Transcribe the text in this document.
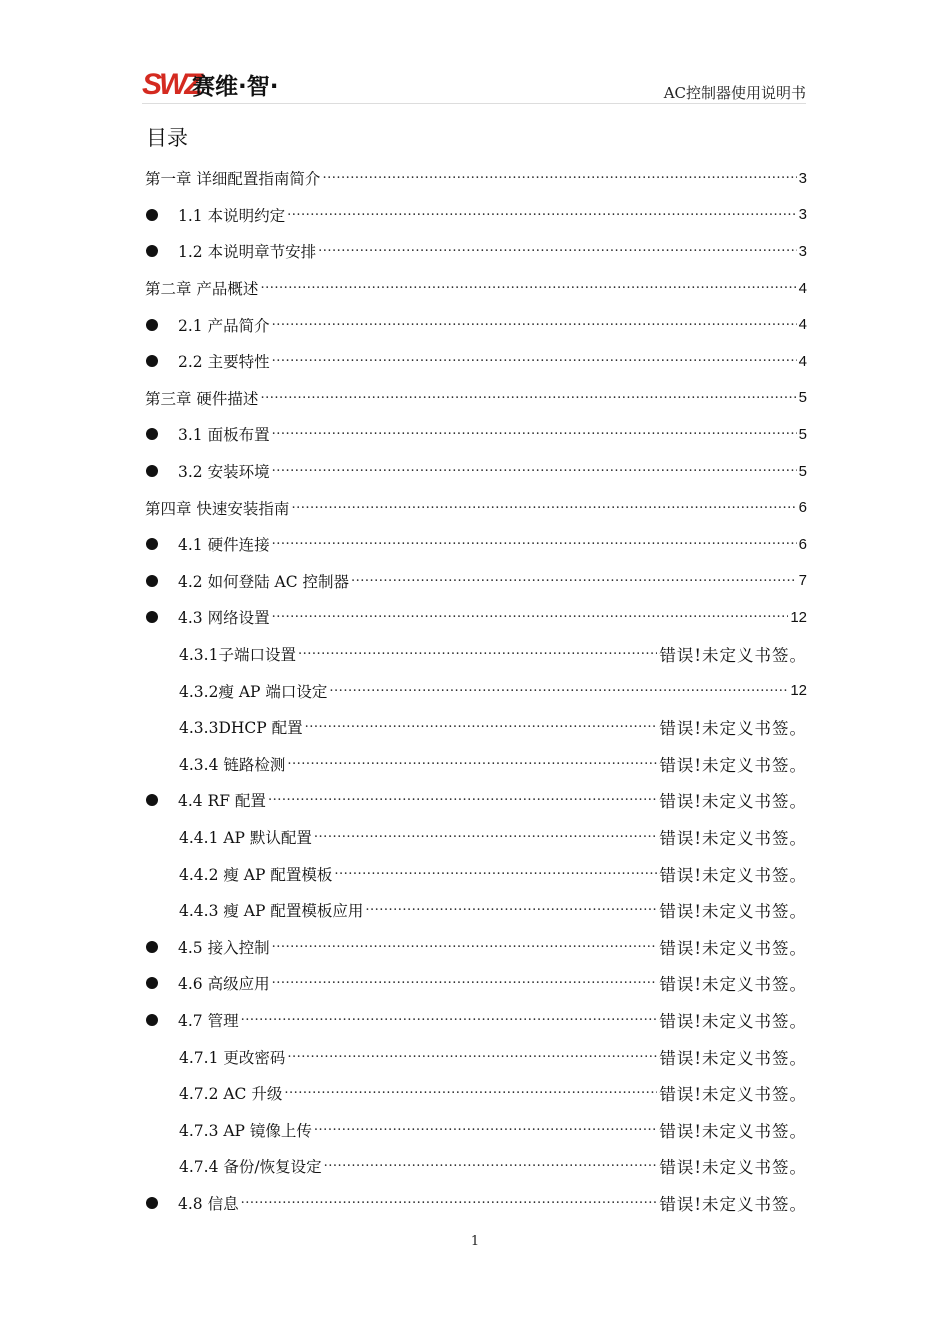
SWZ
赛维·智·	AC控制器使用说明书
目录
第一章 详细配置指南简介 .....	3
1.1 本说明约定 .....	3
1.2 本说明章节安排 .....	3
第二章 产品概述 .....	4
2.1 产品简介 .....	4
2.2 主要特性 .....	4
第三章 硬件描述 .....	5
3.1 面板布置 .....	5
3.2 安装环境 .....	5
第四章 快速安装指南 .....	6
4.1 硬件连接 .....	6
4.2 如何登陆 AC 控制器 .....	7
4.3 网络设置 .....	12
4.3.1子端口设置 .....	错误!未定义书签。
4.3.2瘦 AP 端口设定 .....	12
4.3.3DHCP 配置 .....	错误!未定义书签。
4.3.4 链路检测 .....	错误!未定义书签。
4.4 RF 配置 .....	错误!未定义书签。
4.4.1 AP 默认配置 .....	错误!未定义书签。
4.4.2 瘦 AP 配置模板 .....	错误!未定义书签。
4.4.3 瘦 AP 配置模板应用 .....	错误!未定义书签。
4.5 接入控制 .....	错误!未定义书签。
4.6 高级应用 .....	错误!未定义书签。
4.7 管理 .....	错误!未定义书签。
4.7.1 更改密码 .....	错误!未定义书签。
4.7.2 AC 升级 .....	错误!未定义书签。
4.7.3 AP 镜像上传 .....	错误!未定义书签。
4.7.4 备份/恢复设定 .....	错误!未定义书签。
4.8 信息 .....	错误!未定义书签。
1
